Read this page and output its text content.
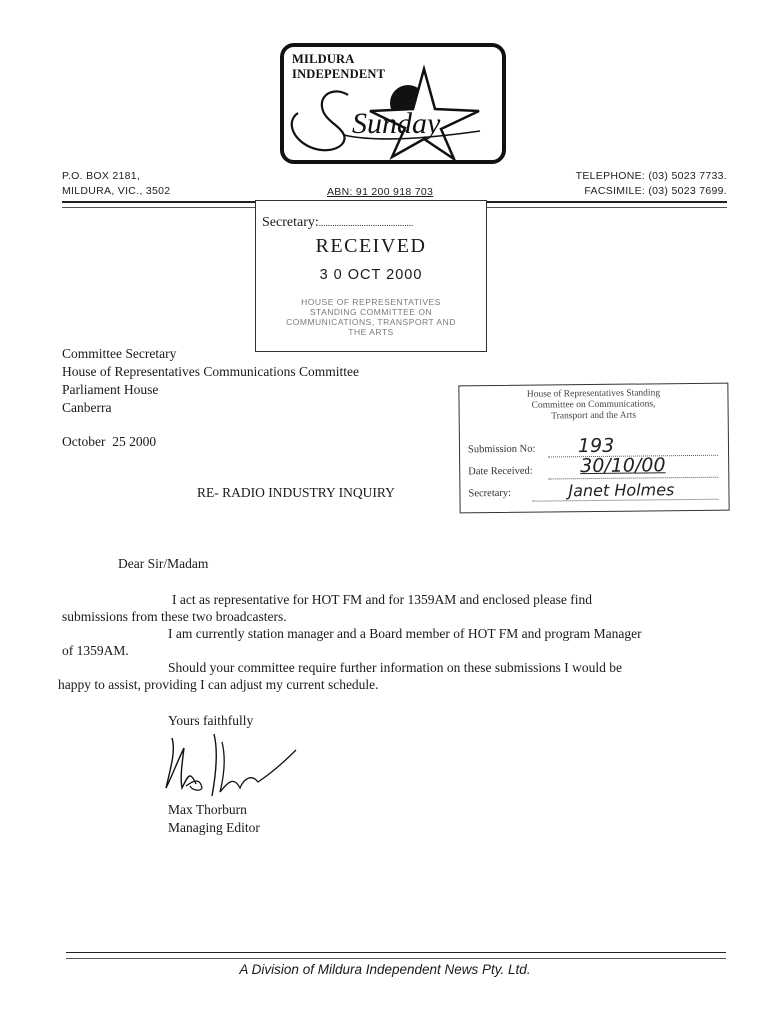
MILDURA
INDEPENDENT
Sunday
P.O. BOX 2181,
MILDURA, VIC., 3502	ABN: 91 200 918 703
TELEPHONE: (03) 5023 7733.
FACSIMILE: (03) 5023 7699.
Secretary:..........................................
RECEIVED
3 0 OCT 2000
HOUSE OF REPRESENTATIVES
STANDING COMMITTEE ON
COMMUNICATIONS, TRANSPORT AND
THE ARTS
Committee Secretary
House of Representatives Communications Committee
Parliament House
Canberra
October  25 2000
House of Representatives Standing
Committee on Communications,
Transport and the Arts
Submission No: 193
Date Received: 30/10/00
Secretary:	Janet Holmes
RE- RADIO INDUSTRY INQUIRY
Dear Sir/Madam
I act as representative for HOT FM and for 1359AM and enclosed please find
submissions from these two broadcasters.
I am currently station manager and a Board member of HOT FM and program Manager
of 1359AM.
Should your committee require further information on these submissions I would be
happy to assist, providing I can adjust my current schedule.
Yours faithfully
Max Thorburn
Managing Editor
A Division of Mildura Independent News Pty. Ltd.
